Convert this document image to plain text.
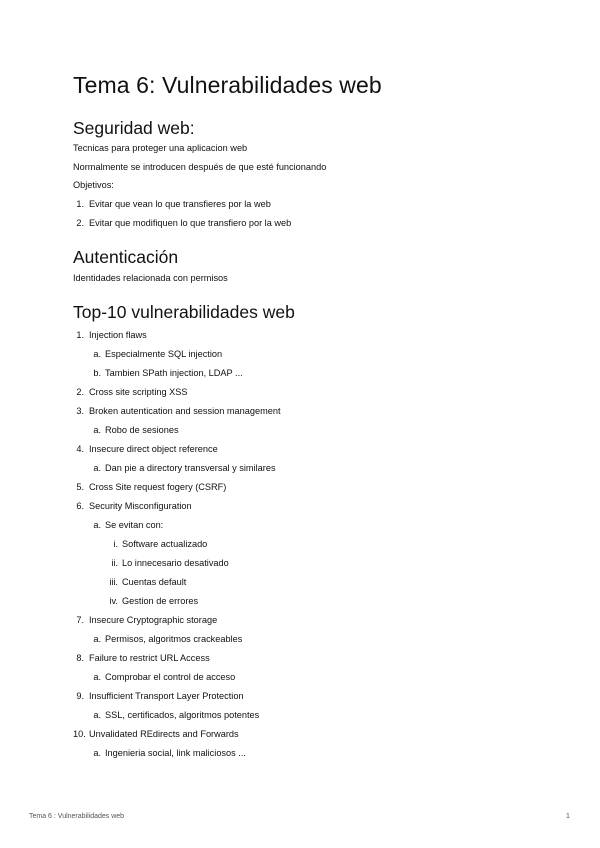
Tema 6: Vulnerabilidades web
Seguridad web:

Tecnicas para proteger una aplicacion web

Normalmente se introducen después de que esté funcionando

Objetivos:

1. Evitar que vean lo que transfieres por la web
2. Evitar que modifiquen lo que transfiero por la web
Autenticación

Identidades relacionada con permisos

Top-10 vulnerabilidades web
1. Injection flaws
a. Especialmente SQL injection
b. Tambien SPath injection, LDAP ...
2. Cross site scripting XSS
3. Broken autentication and session management
a. Robo de sesiones
4. Insecure direct object reference
a. Dan pie a directory transversal y similares
5. Cross Site request fogery (CSRF)
6. Security Misconfiguration
a. Se evitan con:
i. Software actualizado
ii. Lo innecesario desativado
iii. Cuentas default
iv. Gestion de errores
7. Insecure Cryptographic storage
a. Permisos, algoritmos crackeables
8. Failure to restrict URL Access
a. Comprobar el control de acceso
9. Insufficient Transport Layer Protection
a. SSL, certificados, algoritmos potentes
10. Unvalidated REdirects and Forwards
a. Ingenieria social, link maliciosos ...
Tema 6 : Vulnerabilidades web	1
